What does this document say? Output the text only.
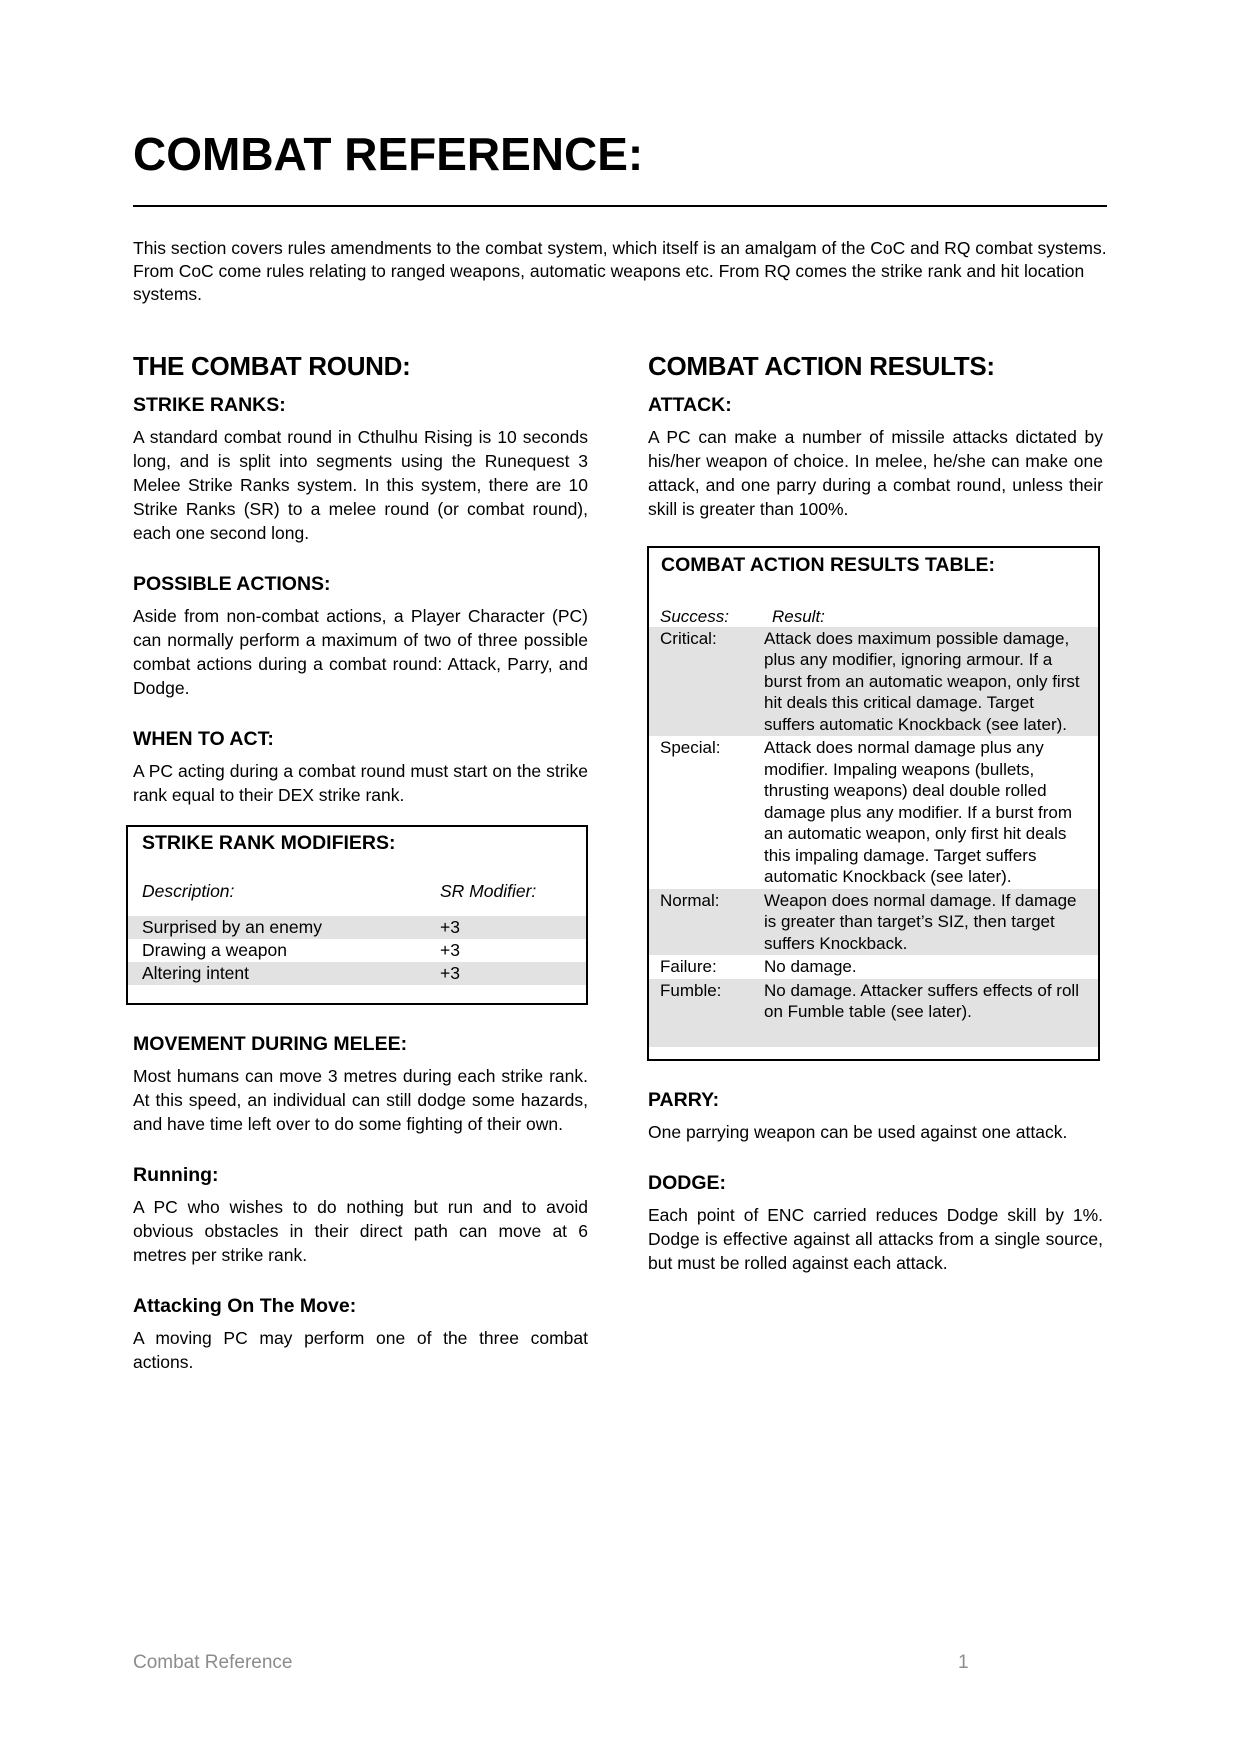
COMBAT REFERENCE:

This section covers rules amendments to the combat system, which itself is an amalgam of the CoC and RQ combat systems. From CoC come rules relating to ranged weapons, automatic weapons etc. From RQ comes the strike rank and hit location systems.

THE COMBAT ROUND:
STRIKE RANKS:

A standard combat round in Cthulhu Rising is 10 seconds long, and is split into segments using the Runequest 3 Melee Strike Ranks system. In this system, there are 10 Strike Ranks (SR) to a melee round (or combat round), each one second long.

POSSIBLE ACTIONS:

Aside from non-combat actions, a Player Character (PC) can normally perform a maximum of two of three possible combat actions during a combat round: Attack, Parry, and Dodge.

WHEN TO ACT:

A PC acting during a combat round must start on the strike rank equal to their DEX strike rank.

STRIKE RANK MODIFIERS:
Description:	SR Modifier:
Surprised by an enemy	+3
Drawing a weapon	+3
Altering intent	+3
MOVEMENT DURING MELEE:

Most humans can move 3 metres during each strike rank. At this speed, an individual can still dodge some hazards, and have time left over to do some fighting of their own.

Running:

A PC who wishes to do nothing but run and to avoid obvious obstacles in their direct path can move at 6 metres per strike rank.

Attacking On The Move:

A moving PC may perform one of the three combat actions.

COMBAT ACTION RESULTS:
ATTACK:

A PC can make a number of missile attacks dictated by his/her weapon of choice. In melee, he/she can make one attack, and one parry during a combat round, unless their skill is greater than 100%.

COMBAT ACTION RESULTS TABLE:
Success:	Result:
Critical:	Attack does maximum possible damage, plus any modifier, ignoring armour. If a burst from an automatic weapon, only first hit deals this critical damage. Target suffers automatic Knockback (see later).
Special:	Attack does normal damage plus any modifier. Impaling weapons (bullets, thrusting weapons) deal double rolled damage plus any modifier. If a burst from an automatic weapon, only first hit deals this impaling damage. Target suffers automatic Knockback (see later).
Normal:	Weapon does normal damage. If damage is greater than target’s SIZ, then target suffers Knockback.
Failure:	No damage.
Fumble:	No damage. Attacker suffers effects of roll on Fumble table (see later).
PARRY:

One parrying weapon can be used against one attack.

DODGE:

Each point of ENC carried reduces Dodge skill by 1%. Dodge is effective against all attacks from a single source, but must be rolled against each attack.

Combat Reference	1
